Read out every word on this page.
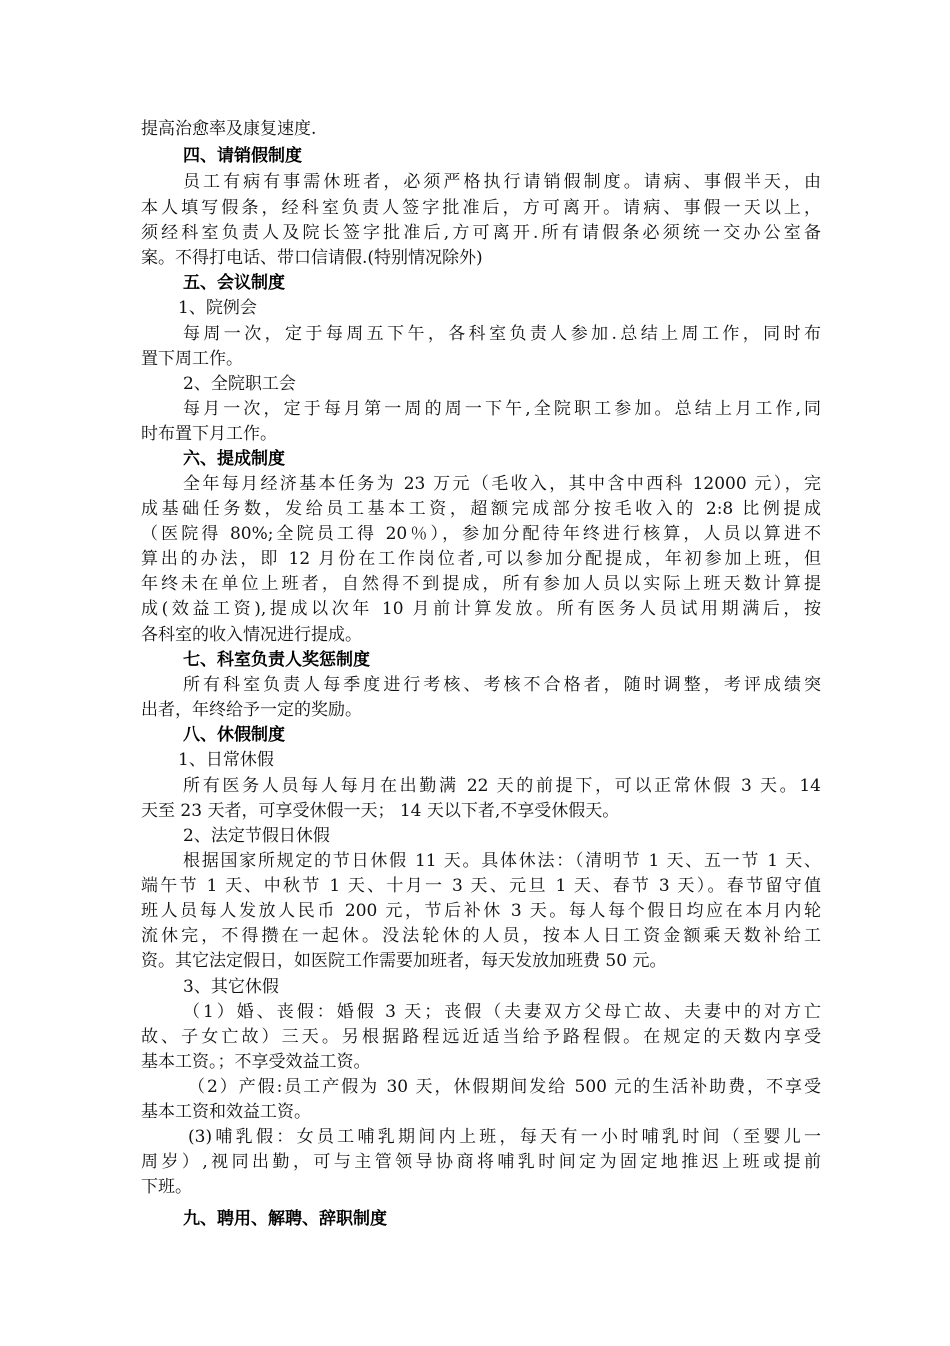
提高治愈率及康复速度.
四、请销假制度
员工有病有事需休班者，必须严格执行请销假制度。请病、事假半天，由
本人填写假条，经科室负责人签字批准后，方可离开。请病、事假一天以上，
须经科室负责人及院长签字批准后,方可离开.所有请假条必须统一交办公室备
案。不得打电话、带口信请假.(特别情况除外)
五、会议制度
1、院例会
每周一次，定于每周五下午，各科室负责人参加.总结上周工作，同时布
置下周工作。
2、全院职工会
每月一次，定于每月第一周的周一下午,全院职工参加。总结上月工作,同
时布置下月工作。
六、提成制度
全年每月经济基本任务为 23 万元（毛收入，其中含中西科 12000 元），完
成基础任务数，发给员工基本工资，超额完成部分按毛收入的 2:8 比例提成
（医院得 80%;全院员工得 20％），参加分配待年终进行核算，人员以算进不
算出的办法，即 12 月份在工作岗位者,可以参加分配提成，年初参加上班，但
年终未在单位上班者，自然得不到提成，所有参加人员以实际上班天数计算提
成(效益工资),提成以次年 10 月前计算发放。所有医务人员试用期满后，按
各科室的收入情况进行提成。
七、科室负责人奖惩制度
所有科室负责人每季度进行考核、考核不合格者，随时调整，考评成绩突
出者，年终给予一定的奖励。
八、休假制度
1、日常休假
所有医务人员每人每月在出勤满 22 天的前提下，可以正常休假 3 天。14
天至 23 天者，可享受休假一天； 14 天以下者,不享受休假天。
2、法定节假日休假
根据国家所规定的节日休假 11 天。具体休法：（清明节 1 天、五一节 1 天、
端午节 1 天、中秋节 1 天、十月一 3 天、元旦 1 天、春节 3 天）。春节留守值
班人员每人发放人民币 200 元，节后补休 3 天。每人每个假日均应在本月内轮
流休完，不得攒在一起休。没法轮休的人员，按本人日工资金额乘天数补给工
资。其它法定假日，如医院工作需要加班者，每天发放加班费 50 元。
3、其它休假
（1）婚、丧假：婚假 3 天；丧假（夫妻双方父母亡故、夫妻中的对方亡
故、子女亡故）三天。另根据路程远近适当给予路程假。在规定的天数内享受
基本工资。；不享受效益工资。
（2）产假:员工产假为 30 天，休假期间发给 500 元的生活补助费，不享受
基本工资和效益工资。
(3)哺乳假：女员工哺乳期间内上班，每天有一小时哺乳时间（至婴儿一
周岁）,视同出勤，可与主管领导协商将哺乳时间定为固定地推迟上班或提前
下班。
九、聘用、解聘、辞职制度
